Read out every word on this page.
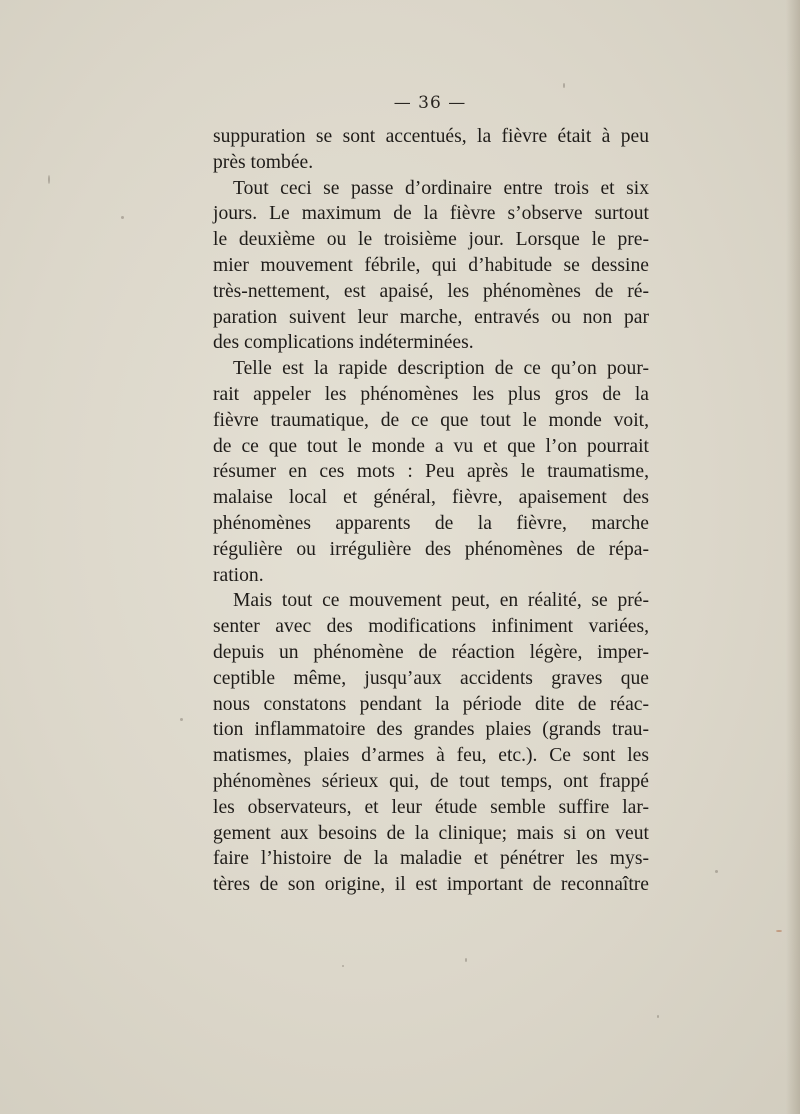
— 36 —
suppuration se sont accentués, la fièvre était à peu
près tombée.
Tout ceci se passe d’ordinaire entre trois et six
jours. Le maximum de la fièvre s’observe surtout
le deuxième ou le troisième jour. Lorsque le pre-
mier mouvement fébrile, qui d’habitude se dessine
très-nettement, est apaisé, les phénomènes de ré-
paration suivent leur marche, entravés ou non par
des complications indéterminées.
Telle est la rapide description de ce qu’on pour-
rait appeler les phénomènes les plus gros de la
fièvre traumatique, de ce que tout le monde voit,
de ce que tout le monde a vu et que l’on pourrait
résumer en ces mots : Peu après le traumatisme,
malaise local et général, fièvre, apaisement des
phénomènes apparents de la fièvre, marche
régulière ou irrégulière des phénomènes de répa-
ration.
Mais tout ce mouvement peut, en réalité, se pré-
senter avec des modifications infiniment variées,
depuis un phénomène de réaction légère, imper-
ceptible même, jusqu’aux accidents graves que
nous constatons pendant la période dite de réac-
tion inflammatoire des grandes plaies (grands trau-
matismes, plaies d’armes à feu, etc.). Ce sont les
phénomènes sérieux qui, de tout temps, ont frappé
les observateurs, et leur étude semble suffire lar-
gement aux besoins de la clinique; mais si on veut
faire l’histoire de la maladie et pénétrer les mys-
tères de son origine, il est important de reconnaître
